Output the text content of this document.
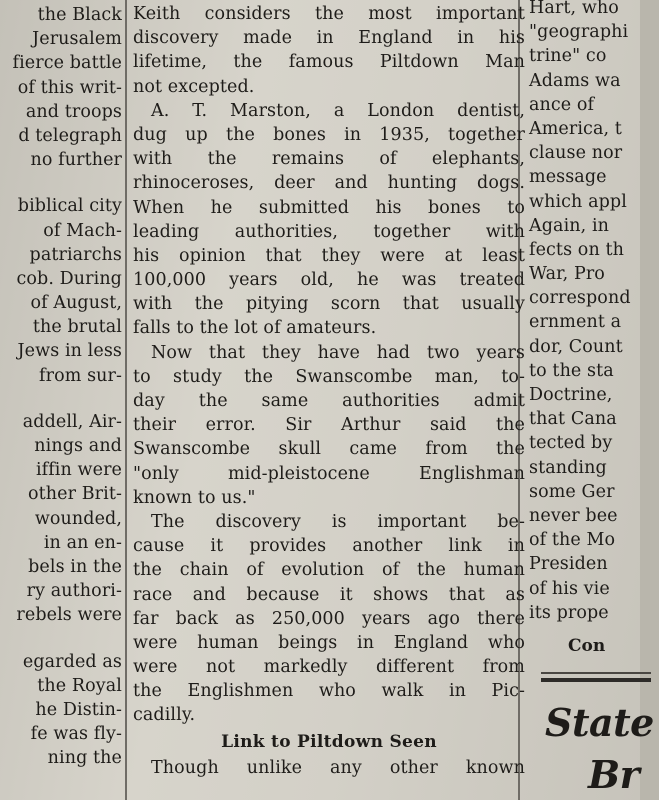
the Black
Jerusalem
fierce battle
of this writ-
and troops
d telegraph
no further
biblical city
of Mach-
patriarchs
cob. During
of August,
the brutal
Jews in less
from sur-
addell, Air-
nings and
iffin were
other Brit-
wounded,
in an en-
bels in the
ry authori-
rebels were
egarded as
the Royal
he Distin-
fe was fly-
ning the
Keith considers the most important
discovery made in England in his
lifetime, the famous Piltdown Man
not excepted.
A. T. Marston, a London dentist,
dug up the bones in 1935, together
with the remains of elephants,
rhinoceroses, deer and hunting dogs.
When he submitted his bones to
leading authorities, together with
his opinion that they were at least
100,000 years old, he was treated
with the pitying scorn that usually
falls to the lot of amateurs.
Now that they have had two years
to study the Swanscombe man, to-
day the same authorities admit
their error. Sir Arthur said the
Swanscombe skull came from the
"only mid-pleistocene Englishman
known to us."
The discovery is important be-
cause it provides another link in
the chain of evolution of the human
race and because it shows that as
far back as 250,000 years ago there
were human beings in England who
were not markedly different from
the Englishmen who walk in Pic-
cadilly.
Link to Piltdown Seen
Though unlike any other known
Hart, who
"geographi
trine" co
Adams wa
ance of
America, t
clause nor
message
which appl
Again, in
fects on th
War, Pro
correspond
ernment a
dor, Count
to the sta
Doctrine,
that Cana
tected by
standing
some Ger
never bee
of the Mo
Presiden
of his vie
its prope
Con
State
Br
